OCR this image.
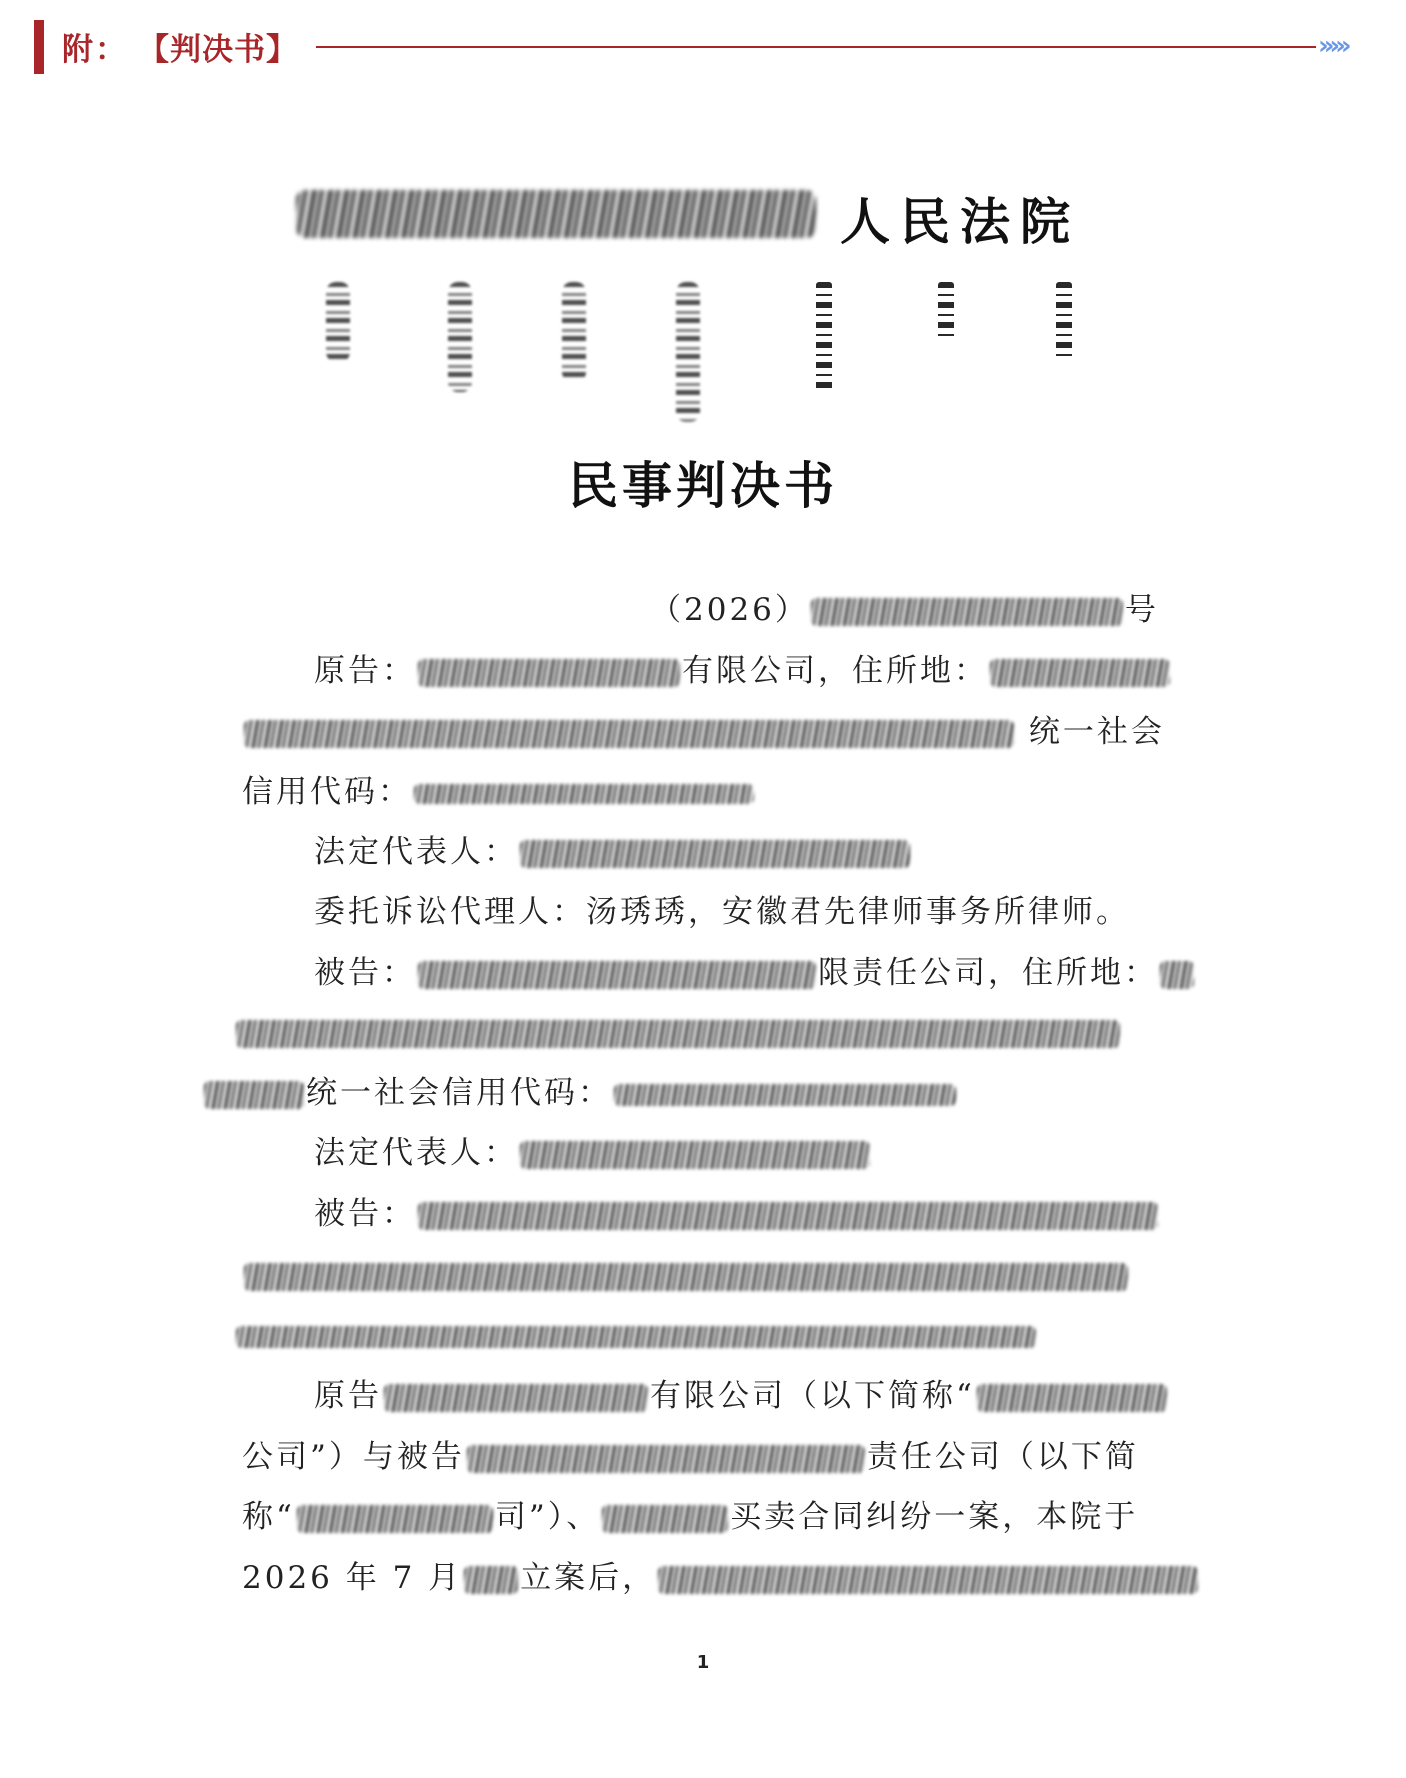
附： 【判决书】	›››››
人民法院
民事判决书
（2026）	号
原告：	有限公司，住所地：
统一社会
信用代码：
法定代表人：
委托诉讼代理人：汤琇琇，安徽君先律师事务所律师。
被告：	限责任公司，住所地：
统一社会信用代码：
法定代表人：
被告：
原告	有限公司（以下简称“
公司”）与被告	责任公司（以下简
称“	司”）、	买卖合同纠纷一案，本院于
2026 年 7 月 立案后，
1
